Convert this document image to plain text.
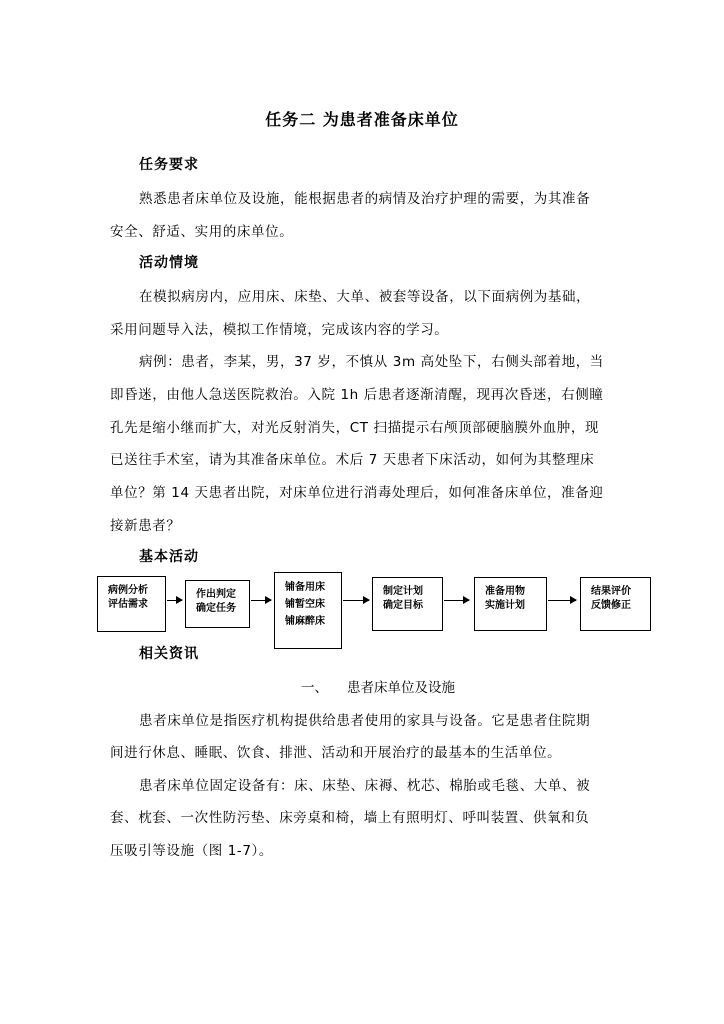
任务二 为患者准备床单位
任务要求
熟悉患者床单位及设施，能根据患者的病情及治疗护理的需要，为其准备
安全、舒适、实用的床单位。
活动情境
在模拟病房内，应用床、床垫、大单、被套等设备，以下面病例为基础，
采用问题导入法，模拟工作情境，完成该内容的学习。
病例：患者，李某，男，37 岁，不慎从 3m 高处坠下，右侧头部着地，当
即昏迷，由他人急送医院救治。入院 1h 后患者逐渐清醒，现再次昏迷，右侧瞳
孔先是缩小继而扩大，对光反射消失，CT 扫描提示右颅顶部硬脑膜外血肿，现
已送往手术室，请为其准备床单位。术后 7 天患者下床活动，如何为其整理床
单位？第 14 天患者出院，对床单位进行消毒处理后，如何准备床单位，准备迎
接新患者？
基本活动
病例分析
评估需求
作出判定
确定任务
铺备用床
铺暂空床
铺麻醉床
制定计划
确定目标
准备用物
实施计划
结果评价
反馈修正
相关资讯
一、 患者床单位及设施
患者床单位是指医疗机构提供给患者使用的家具与设备。它是患者住院期
间进行休息、睡眠、饮食、排泄、活动和开展治疗的最基本的生活单位。
患者床单位固定设备有：床、床垫、床褥、枕芯、棉胎或毛毯、大单、被
套、枕套、一次性防污垫、床旁桌和椅，墙上有照明灯、呼叫装置、供氧和负
压吸引等设施（图 1-7）。
